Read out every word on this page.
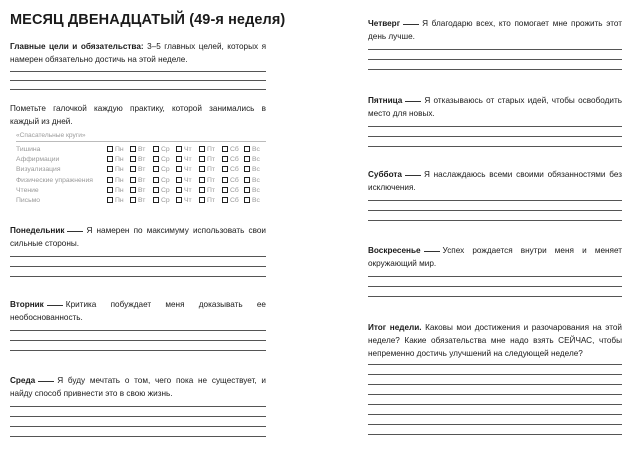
МЕСЯЦ ДВЕНАДЦАТЫЙ (49-я неделя)
Главные цели и обязательства: 3–5 главных целей, которых я намерен обязательно достичь на этой неделе.
Пометьте галочкой каждую практику, которой занимались в каждый из дней.
«Спасательные круги»
Тишина	Пн	Вт	Ср	Чт	Пт	Сб	Вс
Аффирмации	Пн	Вт	Ср	Чт	Пт	Сб	Вс
Визуализация	Пн	Вт	Ср	Чт	Пт	Сб	Вс
Физические упражнения	Пн	Вт	Ср	Чт	Пт	Сб	Вс
Чтение	Пн	Вт	Ср	Чт	Пт	Сб	Вс
Письмо	Пн	Вт	Ср	Чт	Пт	Сб	Вс
Понедельник	Я намерен по максимуму использовать свои сильные стороны.
Вторник	Критика побуждает меня доказывать ее необоснованность.
Среда	Я буду мечтать о том, чего пока не существует, и найду способ привнести это в свою жизнь.
Четверг	Я благодарю всех, кто помогает мне прожить этот день лучше.
Пятница	Я отказываюсь от старых идей, чтобы освободить место для новых.
Суббота	Я наслаждаюсь всеми своими обязанностями без исключения.
Воскресенье	Успех рождается внутри меня и меняет окружающий мир.
Итог недели. Каковы мои достижения и разочарования на этой неделе? Какие обязательства мне надо взять СЕЙЧАС, чтобы непременно достичь улучшений на следующей неделе?
